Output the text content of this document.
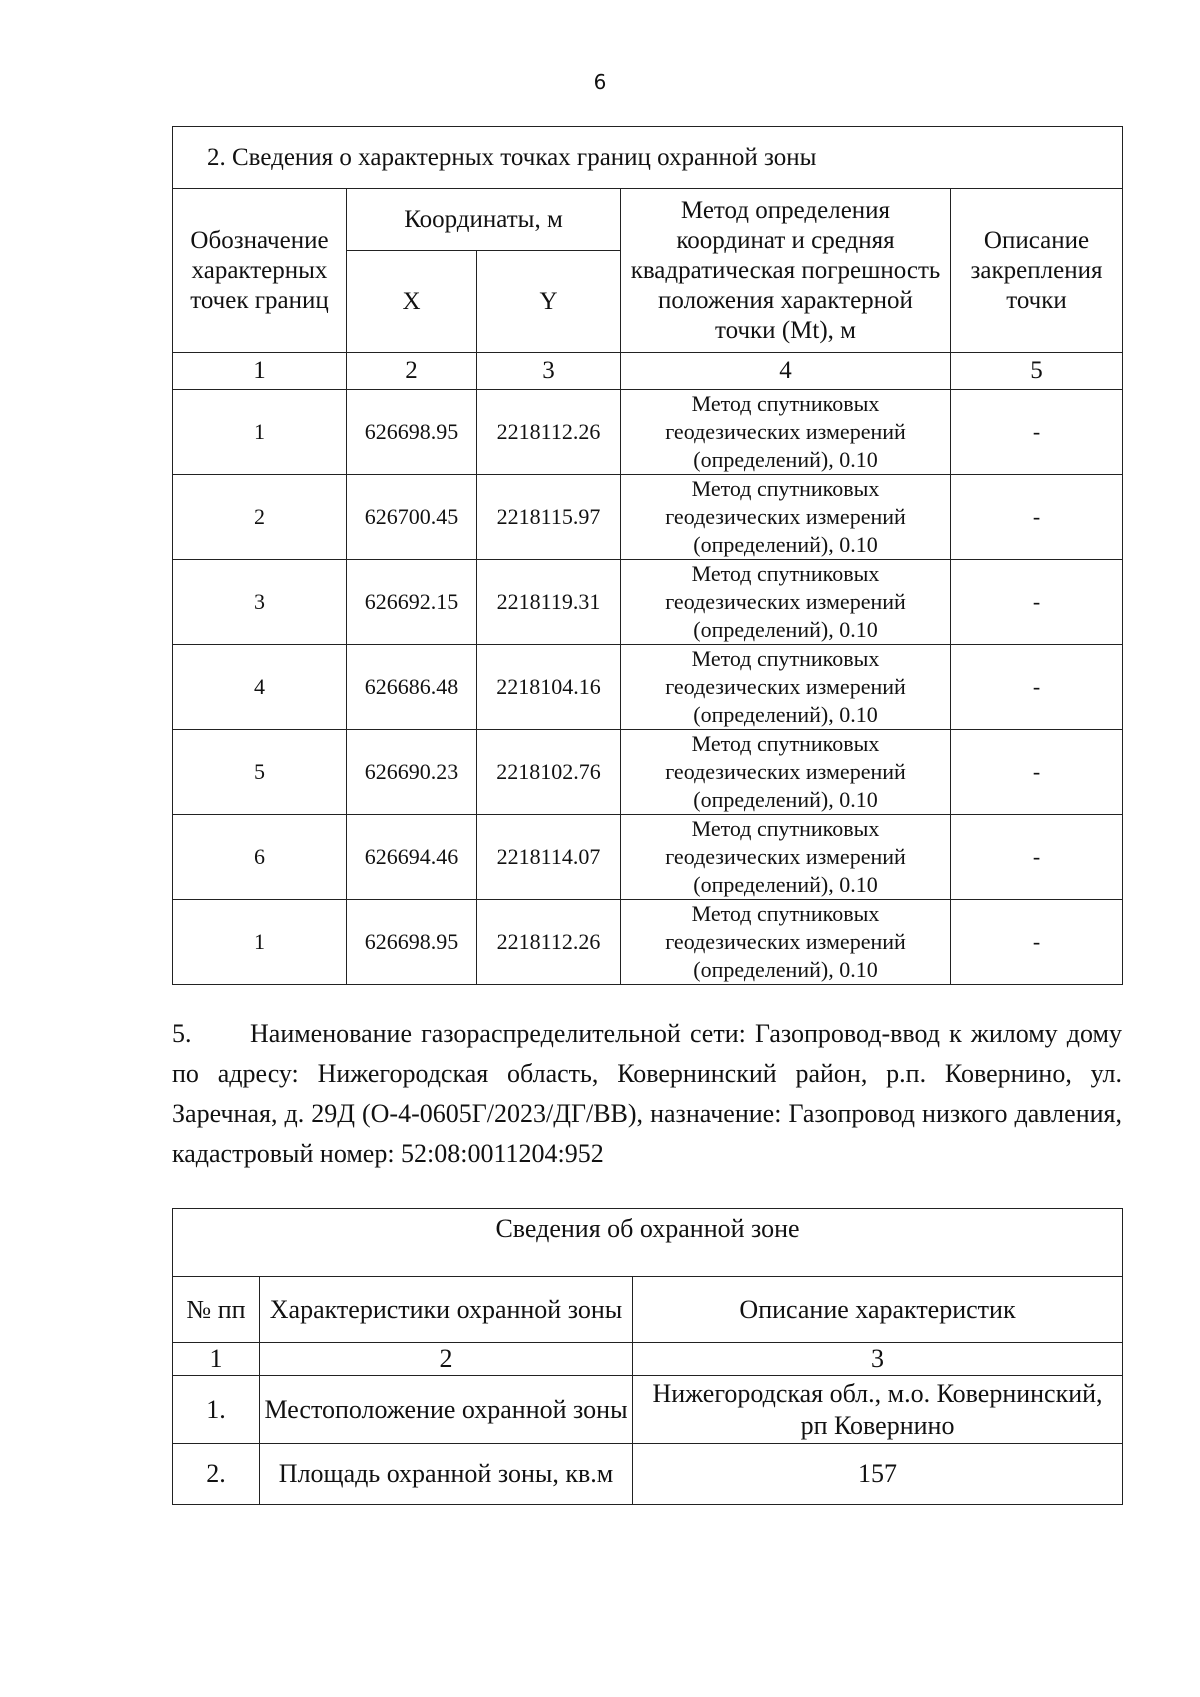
6
2. Сведения о характерных точках границ охранной зоны				
Обозначение характерных точек границ	Координаты, м		Метод определения координат и средняя квадратическая погрешность положения характерной точки (Mt), м	Описание закрепления точки
	X	Y		
1	2	3	4	5
1	626698.95	2218112.26	Метод спутниковых геодезических измерений (определений), 0.10	-
2	626700.45	2218115.97	Метод спутниковых геодезических измерений (определений), 0.10	-
3	626692.15	2218119.31	Метод спутниковых геодезических измерений (определений), 0.10	-
4	626686.48	2218104.16	Метод спутниковых геодезических измерений (определений), 0.10	-
5	626690.23	2218102.76	Метод спутниковых геодезических измерений (определений), 0.10	-
6	626694.46	2218114.07	Метод спутниковых геодезических измерений (определений), 0.10	-
1	626698.95	2218112.26	Метод спутниковых геодезических измерений (определений), 0.10	-

5. Наименование газораспределительной сети: Газопровод-ввод к жилому дому по адресу: Нижегородская область, Ковернинский район, р.п. Ковернино, ул. Заречная, д. 29Д (О-4-0605Г/2023/ДГ/ВВ), назначение: Газопровод низкого давления, кадастровый номер: 52:08:0011204:952

Сведения об охранной зоне		
№ пп	Характеристики охранной зоны	Описание характеристик
1	2	3
1.	Местоположение охранной зоны	Нижегородская обл., м.о. Ковернинский, рп Ковернино
2.	Площадь охранной зоны, кв.м	157
